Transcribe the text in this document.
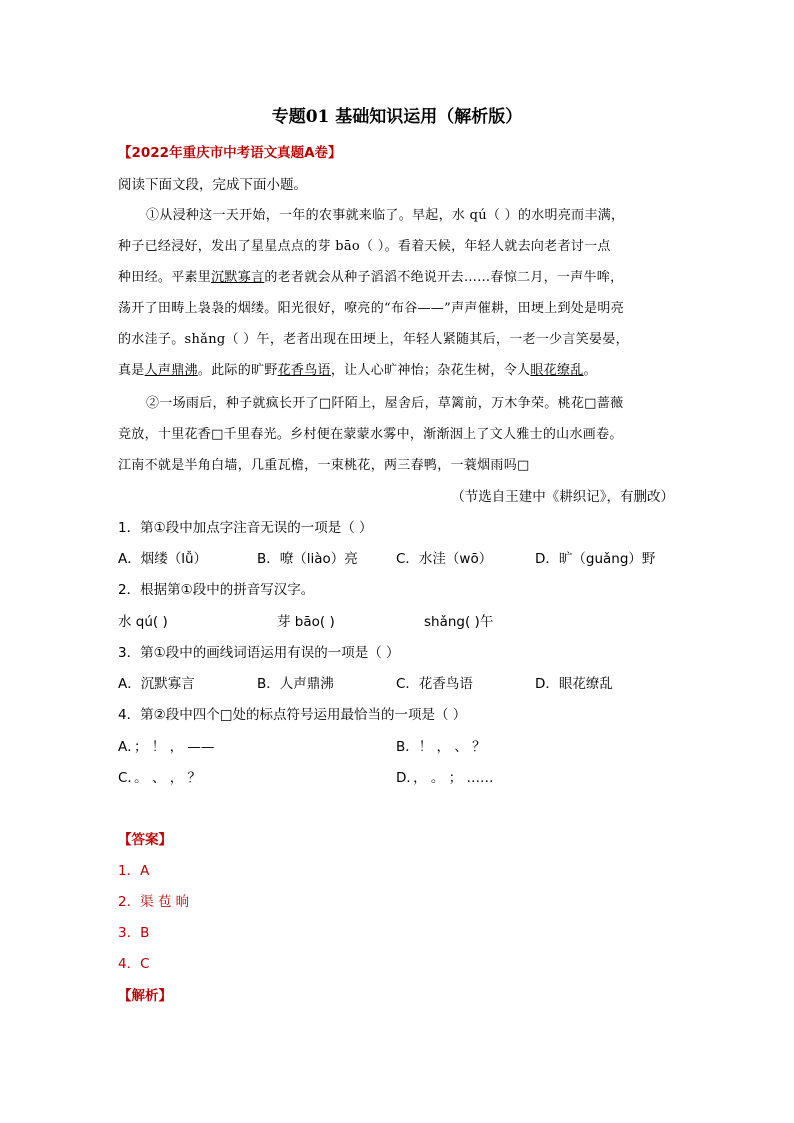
专题01 基础知识运用（解析版）
【2022年重庆市中考语文真题A卷】
阅读下面文段，完成下面小题。
①从浸种这一天开始，一年的农事就来临了。早起，水 qú（ ）的水明亮而丰满，
种子已经浸好，发出了星星点点的芽 bāo（ ）。看着天候，年轻人就去向老者讨一点
种田经。平素里沉默寡言的老者就会从种子滔滔不绝说开去……春惊二月，一声牛哞，
荡开了田畴上袅袅的烟缕。阳光很好，嘹亮的“布谷——”声声催耕，田埂上到处是明亮
的水洼子。shǎng（ ）午，老者出现在田埂上，年轻人紧随其后，一老一少言笑晏晏，
真是人声鼎沸。此际的旷野花香鸟语，让人心旷神怡；杂花生树，令人眼花缭乱。
②一场雨后，种子就疯长开了□阡陌上，屋舍后，草篱前，万木争荣。桃花□蔷薇
竞放，十里花香□千里春光。乡村便在蒙蒙水雾中，渐渐洇上了文人雅士的山水画卷。
江南不就是半角白墙，几重瓦檐，一束桃花，两三春鸭，一蓑烟雨吗□
（节选自王建中《耕织记》，有删改）
1．第①段中加点字注音无误的一项是（ ）
A．烟缕（lǚ）	B．嘹（liào）亮	C．水洼（wō）	D．旷（guǎng）野
2．根据第①段中的拼音写汉字。
水 qú( )	芽 bāo( )	shǎng( )午
3．第①段中的画线词语运用有误的一项是（ ）
A．沉默寡言	B．人声鼎沸	C．花香鸟语	D．眼花缭乱
4．第②段中四个□处的标点符号运用最恰当的一项是（ ）
A．； ！ ， ——	B．！ ， 、 ？
C．。 、 ， ？	D．， 。 ； ……
【答案】
1．A
2．渠 苞 晌
3．B
4．C
【解析】
